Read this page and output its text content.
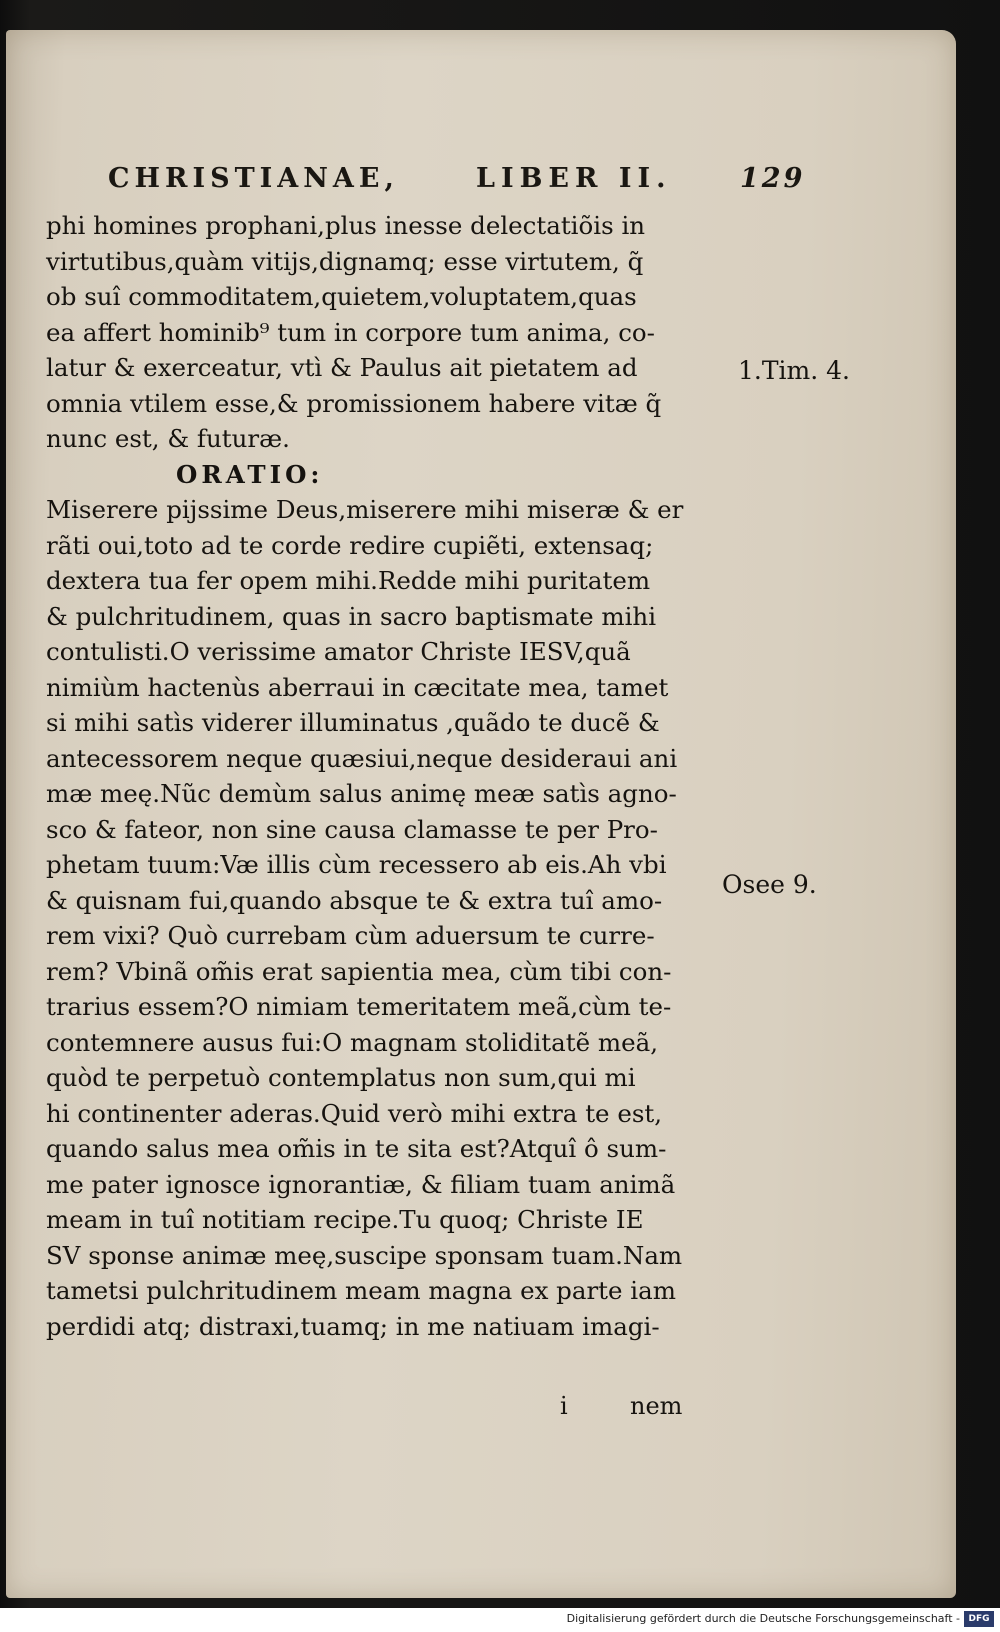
CHRISTIANAE,	LIBER II.	129
phi homines prophani,plus inesse delectatiõis in
virtutibus,quàm vitijs,dignamq; esse virtutem, q̃
ob suî commoditatem,quietem,voluptatem,quas
ea affert hominib⁹ tum in corpore tum anima, co-
latur & exerceatur, vtì & Paulus ait pietatem ad
omnia vtilem esse,& promissionem habere vitæ q̃
nunc est, & futuræ.
ORATIO:
Miserere pijssime Deus,miserere mihi miseræ & er
rãti oui,toto ad te corde redire cupiẽti, extensaq;
dextera tua fer opem mihi.Redde mihi puritatem
& pulchritudinem, quas in sacro baptismate mihi
contulisti.O verissime amator Christe IESV,quã
nimiùm hactenùs aberraui in cæcitate mea, tamet
si mihi satìs viderer illuminatus ,quãdo te ducẽ &
antecessorem neque quæsiui,neque desideraui ani
mæ meę.Nũc demùm salus animę meæ satìs agno-
sco & fateor, non sine causa clamasse te per Pro-
phetam tuum:Væ illis cùm recessero ab eis.Ah vbi
& quisnam fui,quando absque te & extra tuî amo-
rem vixi? Quò currebam cùm aduersum te curre-
rem? Vbinã om̃is erat sapientia mea, cùm tibi con-
trarius essem?O nimiam temeritatem meã,cùm te-
contemnere ausus fui:O magnam stoliditatẽ meã,
quòd te perpetuò contemplatus non sum,qui mi
hi continenter aderas.Quid verò mihi extra te est,
quando salus mea om̃is in te sita est?Atquî ô sum-
me pater ignosce ignorantiæ, & filiam tuam animã
meam in tuî notitiam recipe.Tu quoq; Christe IE
SV sponse animæ meę,suscipe sponsam tuam.Nam
tametsi pulchritudinem meam magna ex parte iam
perdidi atq; distraxi,tuamq; in me natiuam imagi-
1.Tim. 4.
Osee 9.
i	nem
Digitalisierung gefördert durch die Deutsche Forschungsgemeinschaft - DFG
